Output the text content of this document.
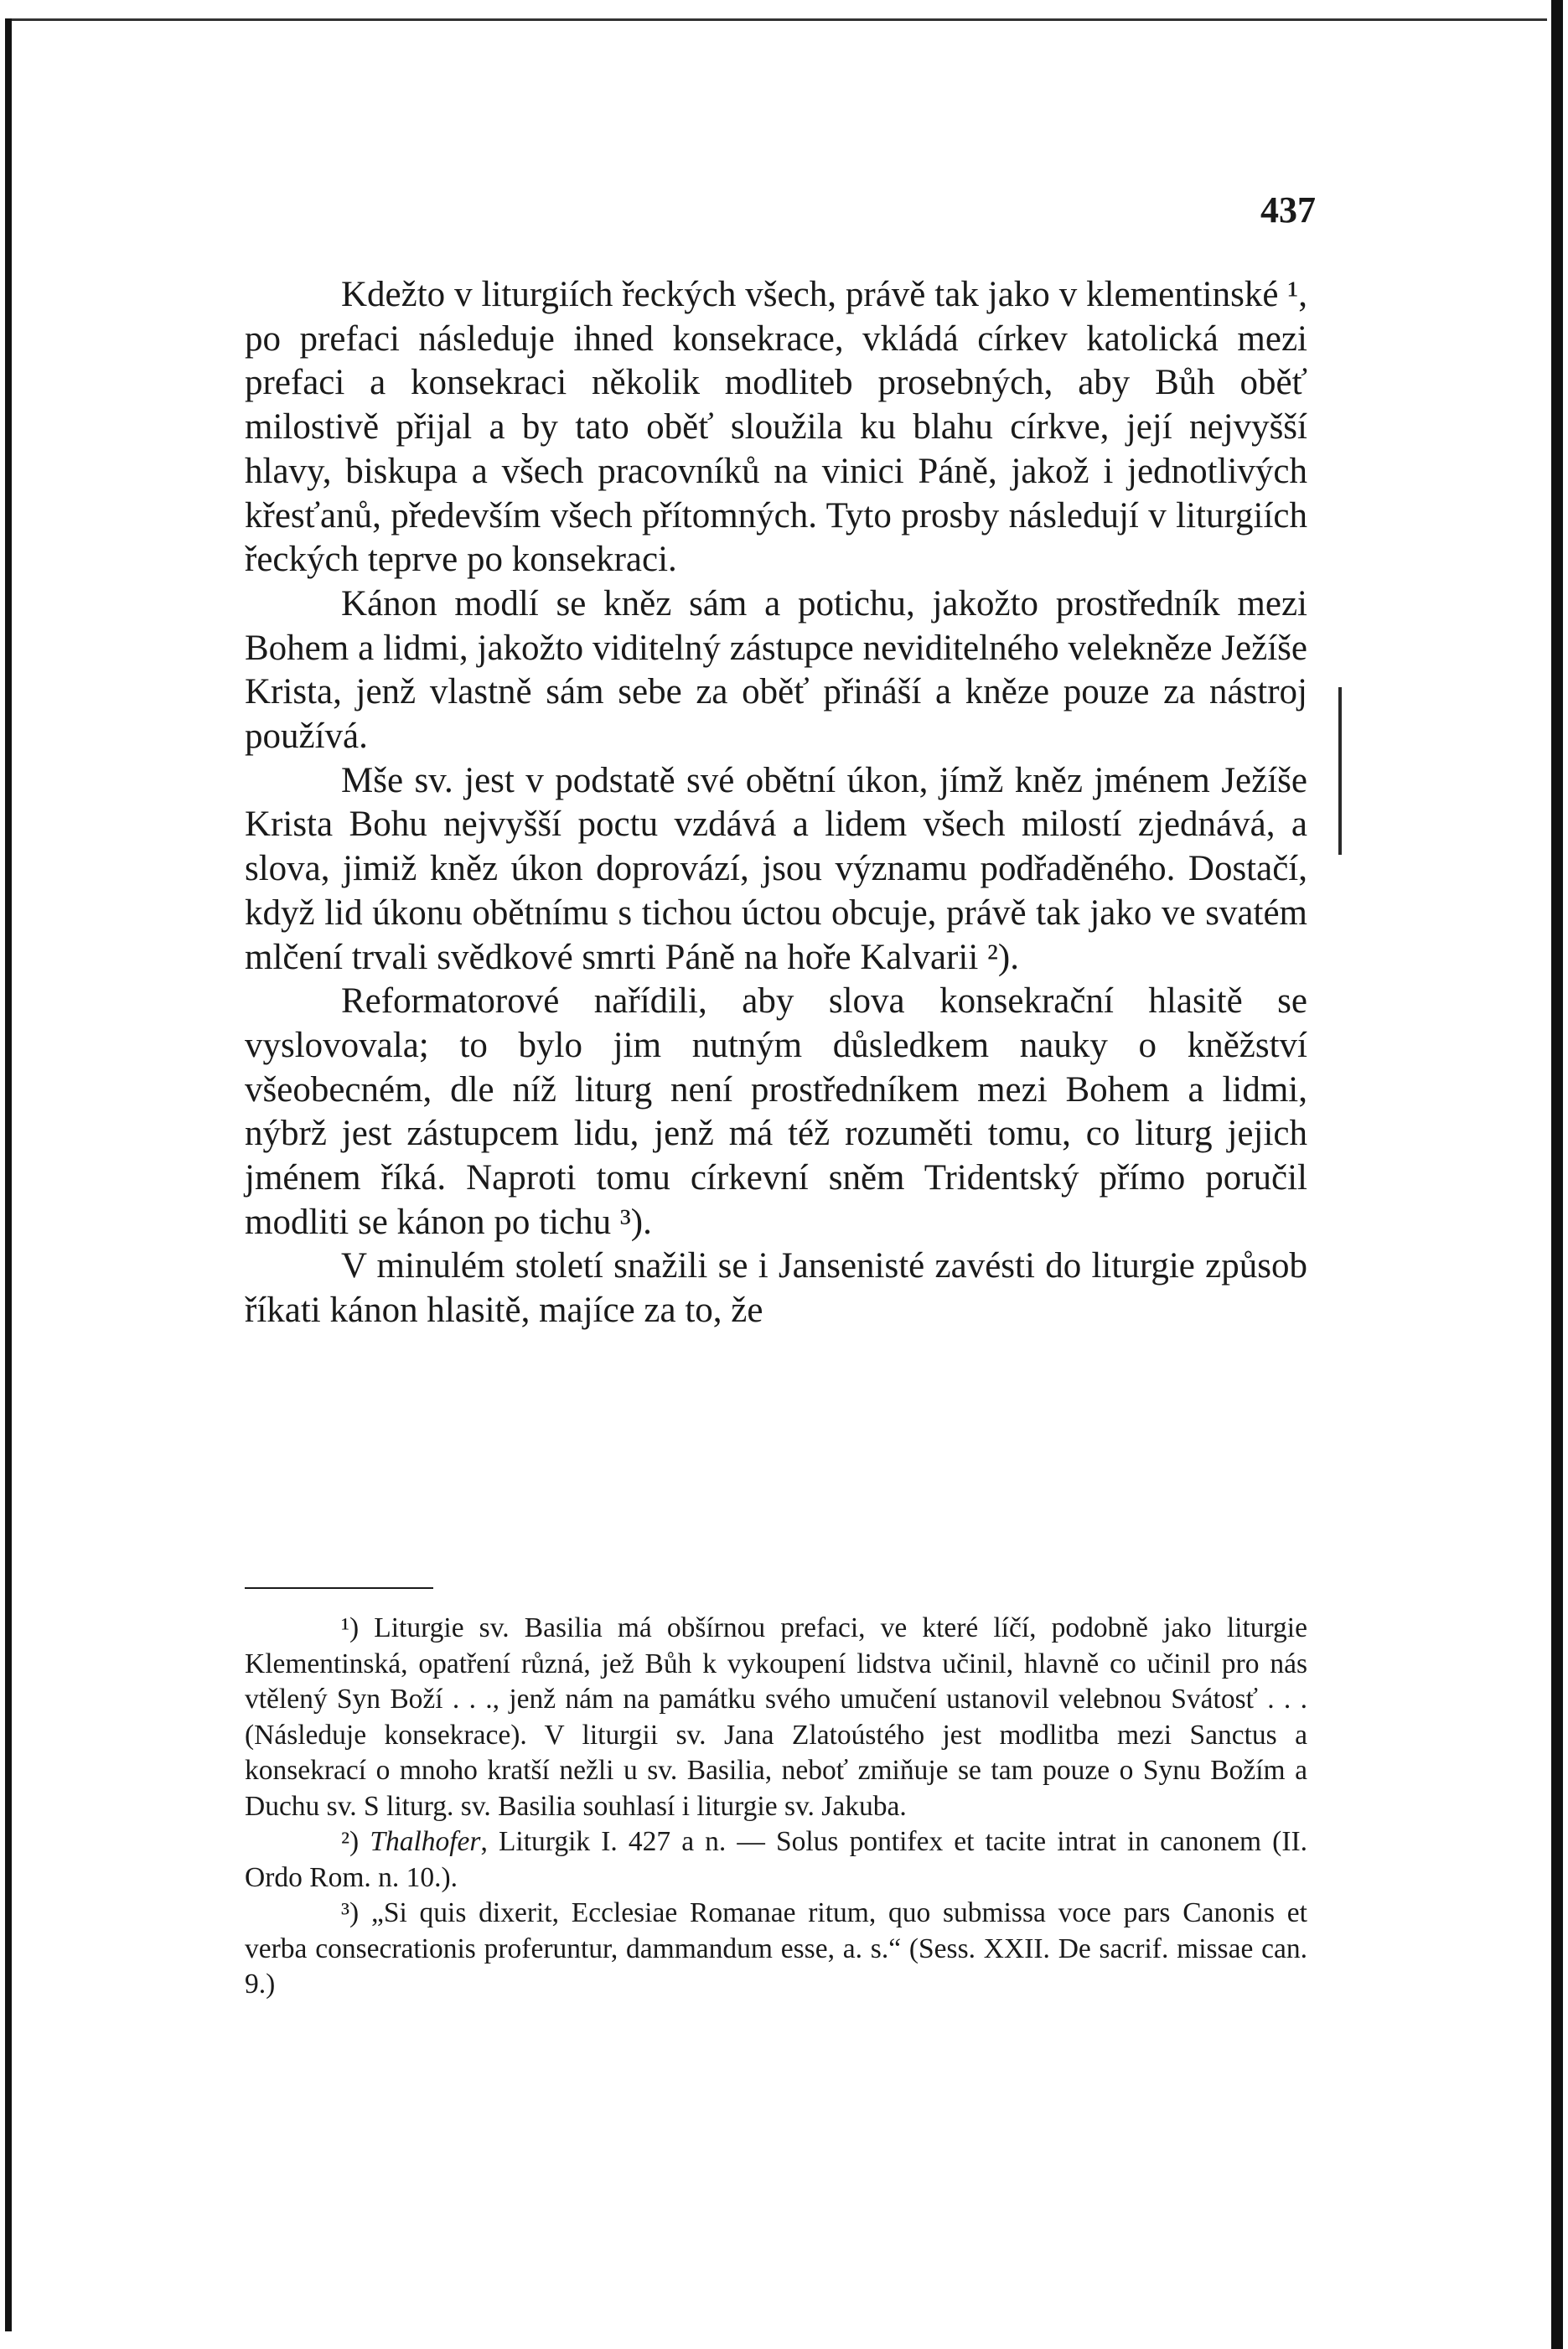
437

Kdežto v liturgiích řeckých všech, právě tak jako v klementinské ¹, po prefaci následuje ihned konsekrace, vkládá církev katolická mezi prefaci a konsekraci několik modliteb prosebných, aby Bůh oběť milostivě přijal a by tato oběť sloužila ku blahu církve, její nejvyšší hlavy, biskupa a všech pracovníků na vinici Páně, jakož i jednotlivých křesťanů, především všech přítomných. Tyto prosby následují v liturgiích řeckých teprve po konsekraci.

Kánon modlí se kněz sám a potichu, jakožto prostředník mezi Bohem a lidmi, jakožto viditelný zástupce neviditelného velekněze Ježíše Krista, jenž vlastně sám sebe za oběť přináší a kněze pouze za nástroj používá.

Mše sv. jest v podstatě své obětní úkon, jímž kněz jménem Ježíše Krista Bohu nejvyšší poctu vzdává a lidem všech milostí zjednává, a slova, jimiž kněz úkon doprovází, jsou významu podřaděného. Dostačí, když lid úkonu obětnímu s tichou úctou obcuje, právě tak jako ve svatém mlčení trvali svědkové smrti Páně na hoře Kalvarii ²).

Reformatorové nařídili, aby slova konsekrační hlasitě se vyslovovala; to bylo jim nutným důsledkem nauky o kněžství všeobecném, dle níž liturg není prostředníkem mezi Bohem a lidmi, nýbrž jest zástupcem lidu, jenž má též rozuměti tomu, co liturg jejich jménem říká. Naproti tomu církevní sněm Tridentský přímo poručil modliti se kánon po tichu ³).

V minulém století snažili se i Jansenisté zavésti do liturgie způsob říkati kánon hlasitě, majíce za to, že

¹) Liturgie sv. Basilia má obšírnou prefaci, ve které líčí, podobně jako liturgie Klementinská, opatření různá, jež Bůh k vykoupení lidstva učinil, hlavně co učinil pro nás vtělený Syn Boží . . ., jenž nám na památku svého umučení ustanovil velebnou Svátosť . . . (Následuje konsekrace). V liturgii sv. Jana Zlatoústého jest modlitba mezi Sanctus a konsekrací o mnoho kratší nežli u sv. Basilia, neboť zmiňuje se tam pouze o Synu Božím a Duchu sv. S liturg. sv. Basilia souhlasí i liturgie sv. Jakuba.

²) Thalhofer, Liturgik I. 427 a n. — Solus pontifex et tacite intrat in canonem (II. Ordo Rom. n. 10.).

³) „Si quis dixerit, Ecclesiae Romanae ritum, quo submissa voce pars Canonis et verba consecrationis proferuntur, dammandum esse, a. s.“ (Sess. XXII. De sacrif. missae can. 9.)
